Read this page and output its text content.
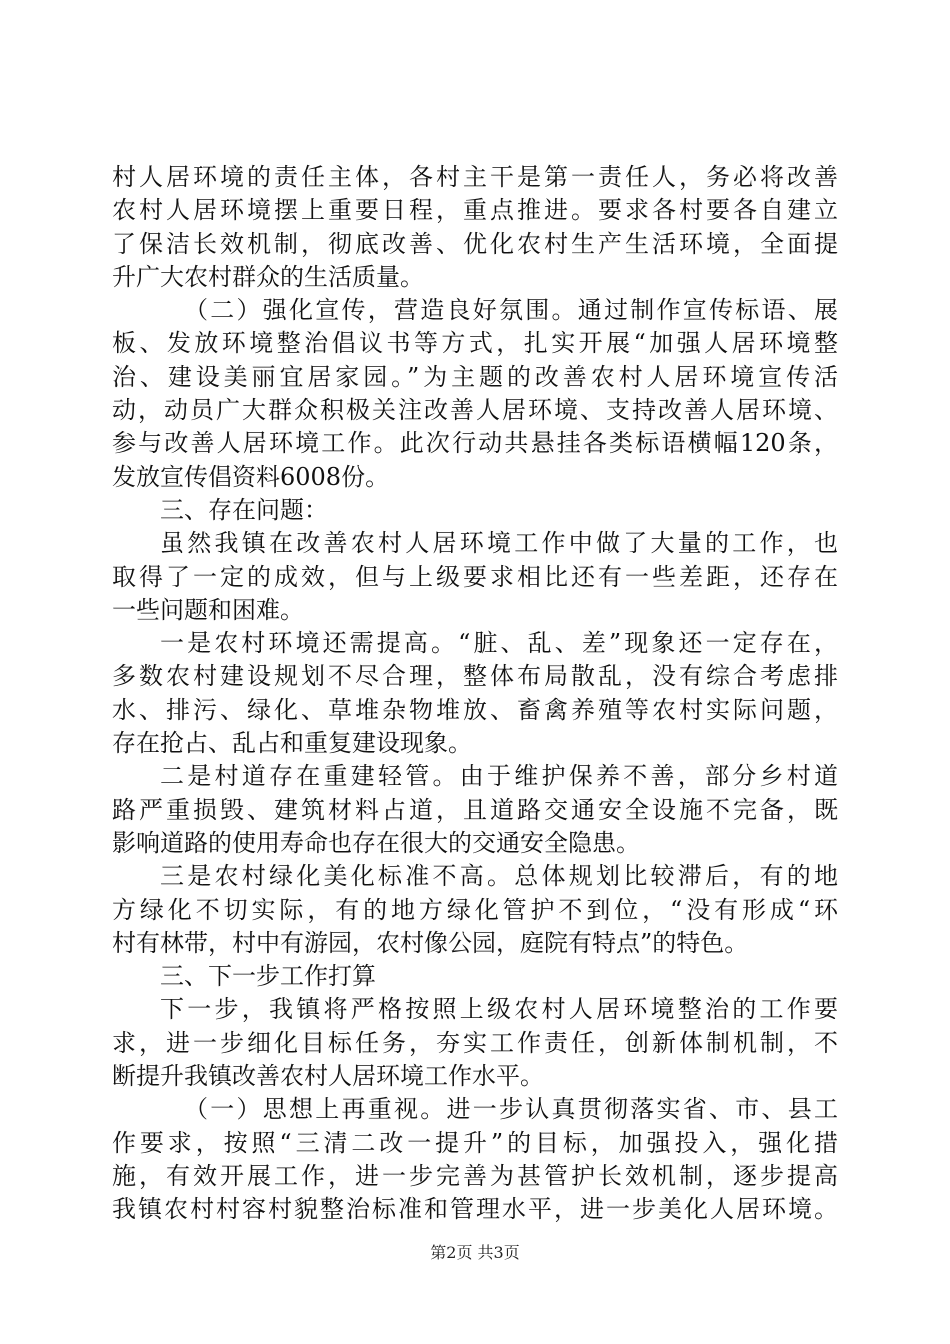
村人居环境的责任主体，各村主干是第一责任人，务必将改善
农村人居环境摆上重要日程，重点推进。要求各村要各自建立
了保洁长效机制，彻底改善、优化农村生产生活环境，全面提
升广大农村群众的生活质量。
（二）强化宣传，营造良好氛围。通过制作宣传标语、展
板、发放环境整治倡议书等方式，扎实开展“加强人居环境整
治、建设美丽宜居家园。”为主题的改善农村人居环境宣传活
动，动员广大群众积极关注改善人居环境、支持改善人居环境、
参与改善人居环境工作。此次行动共悬挂各类标语横幅120条，
发放宣传倡资料6008份。
三、存在问题：
虽然我镇在改善农村人居环境工作中做了大量的工作，也
取得了一定的成效，但与上级要求相比还有一些差距，还存在
一些问题和困难。
一是农村环境还需提高。“脏、乱、差”现象还一定存在，
多数农村建设规划不尽合理，整体布局散乱，没有综合考虑排
水、排污、绿化、草堆杂物堆放、畜禽养殖等农村实际问题，
存在抢占、乱占和重复建设现象。
二是村道存在重建轻管。由于维护保养不善，部分乡村道
路严重损毁、建筑材料占道，且道路交通安全设施不完备，既
影响道路的使用寿命也存在很大的交通安全隐患。
三是农村绿化美化标准不高。总体规划比较滞后，有的地
方绿化不切实际，有的地方绿化管护不到位，“没有形成“环
村有林带，村中有游园，农村像公园，庭院有特点”的特色。
三、下一步工作打算
下一步，我镇将严格按照上级农村人居环境整治的工作要
求，进一步细化目标任务，夯实工作责任，创新体制机制，不
断提升我镇改善农村人居环境工作水平。
（一）思想上再重视。进一步认真贯彻落实省、市、县工
作要求，按照“三清二改一提升”的目标，加强投入，强化措
施，有效开展工作，进一步完善为甚管护长效机制，逐步提高
我镇农村村容村貌整治标准和管理水平，进一步美化人居环境。
第2页 共3页
